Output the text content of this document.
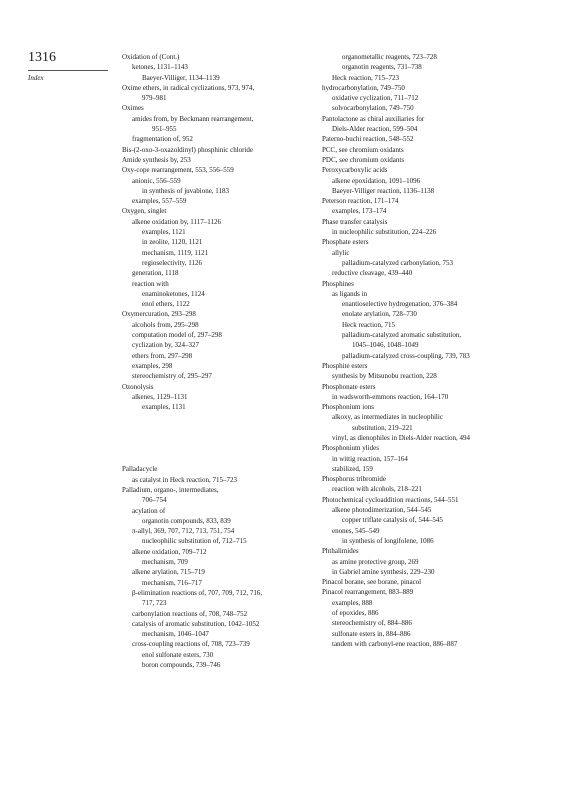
1316
Index
Oxidation of (Cont.)
ketones, 1131–1143
Baeyer-Villiger, 1134–1139
Oxime ethers, in radical cyclizations, 973, 974,
979–981
Oximes
amides from, by Beckmann rearrangement,
951–955
fragmentation of, 952
Bis-(2-oxo-3-oxazoldinyl) phosphinic chloride
Amide synthesis by, 253
Oxy-cope rearrangement, 553, 556–559
anionic, 556–559
in synthesis of juvabione, 1183
examples, 557–559
Oxygen, singlet
alkene oxidation by, 1117–1126
examples, 1121
in zeolite, 1120, 1121
mechanism, 1119, 1121
regioselectivity, 1126
generation, 1118
reaction with
enaminoketones, 1124
enol ethers, 1122
Oxymercuration, 293–298
alcohols from, 295–298
computation model of, 297–298
cyclization by, 324–327
ethers from, 297–298
examples, 298
stereochemistry of, 295–297
Ozonolysis
alkenes, 1129–1131
examples, 1131
Palladacycle
as catalyst in Heck reaction, 715–723
Palladium, organo-, intermediates,
706–754
acylation of
organotin compounds, 833, 839
π-allyl, 369, 707, 712, 713, 751, 754
nucleophilic substitution of, 712–715
alkene oxidation, 709–712
mechanism, 709
alkene arylation, 715–719
mechanism, 716–717
β-elimination reactions of, 707, 709, 712, 716,
717, 723
carbonylation reactions of, 708, 748–752
catalysis of aromatic substitution, 1042–1052
mechanism, 1046–1047
cross-coupling reactions of, 708, 723–739
enol sulfonate esters, 730
boron compounds, 739–746
organometallic reagents, 723–728
organotin reagents, 731–738
Heck reaction, 715–723
hydrocarbonylation, 749–750
oxidative cyclization, 711–712
solvocarbonylation, 749–750
Pantolactone as chiral auxiliaries for
Diels-Alder reaction, 599–504
Paterno-buchi reaction, 548–552
PCC, see chromium oxidants
PDC, see chromium oxidants
Peroxycarboxylic acids
alkene epoxidation, 1091–1096
Baeyer-Villiger reaction, 1136–1138
Peterson reaction, 171–174
examples, 173–174
Phase transfer catalysis
in nucleophilic substitution, 224–226
Phosphate esters
allylic
palladium-catalyzed carbonylation, 753
reductive cleavage, 439–440
Phosphines
as ligands in
enantioselective hydrogenation, 376–384
enolate arylation, 728–730
Heck reaction, 715
palladium-catalyzed aromatic substitution,
1045–1046, 1048–1049
palladium-catalyzed cross-coupling, 739, 783
Phosphite esters
synthesis by Mitsunobu reaction, 228
Phosphonate esters
in wadsworth-emmons reaction, 164–170
Phosphonium ions
alkoxy, as intermediates in nucleophilic
substitution, 219–221
vinyl, as dienophiles in Diels-Alder reaction, 494
Phosphonium ylides
in wittig reaction, 157–164
stabilized, 159
Phosphorus tribromide
reaction with alcohols, 218–221
Photochemical cycloaddition reactions, 544–551
alkene photodimerization, 544–545
copper triflate catalysis of, 544–545
enones, 545–549
in synthesis of longifolene, 1086
Phthalimides
as amine protective group, 269
in Gabriel amine synthesis, 229–230
Pinacol borane, see borane, pinacol
Pinacol rearrangement, 883–889
examples, 888
of epoxides, 886
stereochemistry of, 884–886
sulfonate esters in, 884–886
tandem with carbonyl-ene reaction, 886–887
